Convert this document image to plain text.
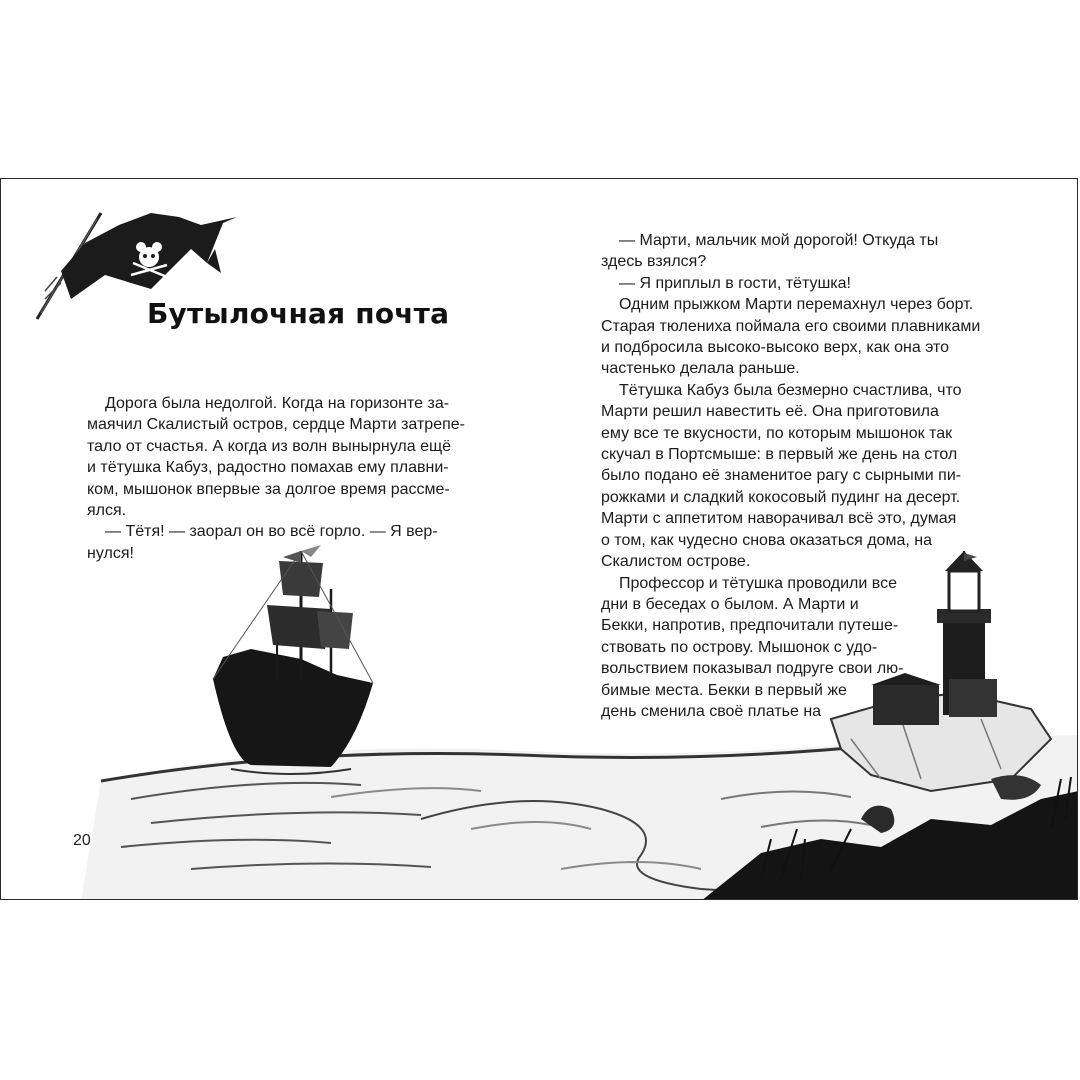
Бутылочная почта

Дорога была недолгой. Когда на горизонте за-

маячил Скалистый остров, сердце Марти затрепе-

тало от счастья. А когда из волн вынырнула ещё

и тётушка Кабуз, радостно помахав ему плавни-

ком, мышонок впервые за долгое время рассме-

ялся.

— Тётя! — заорал он во всё горло. — Я вер-

нулся!

— Марти, мальчик мой дорогой! Откуда ты

здесь взялся?

— Я приплыл в гости, тётушка!

Одним прыжком Марти перемахнул через борт.

Старая тюлениха поймала его своими плавниками

и подбросила высоко-высоко верх, как она это

частенько делала раньше.

Тётушка Кабуз была безмерно счастлива, что

Марти решил навестить её. Она приготовила

ему все те вкусности, по которым мышонок так

скучал в Портсмыше: в первый же день на стол

было подано её знаменитое рагу с сырными пи-

рожками и сладкий кокосовый пудинг на десерт.

Марти с аппетитом наворачивал всё это, думая

о том, как чудесно снова оказаться дома, на

Скалистом острове.

Профессор и тётушка проводили все

дни в беседах о былом. А Марти и

Бекки, напротив, предпочитали путеше-

ствовать по острову. Мышонок с удо-

вольствием показывал подруге свои лю-

бимые места. Бекки в первый же

день сменила своё платье на

20
